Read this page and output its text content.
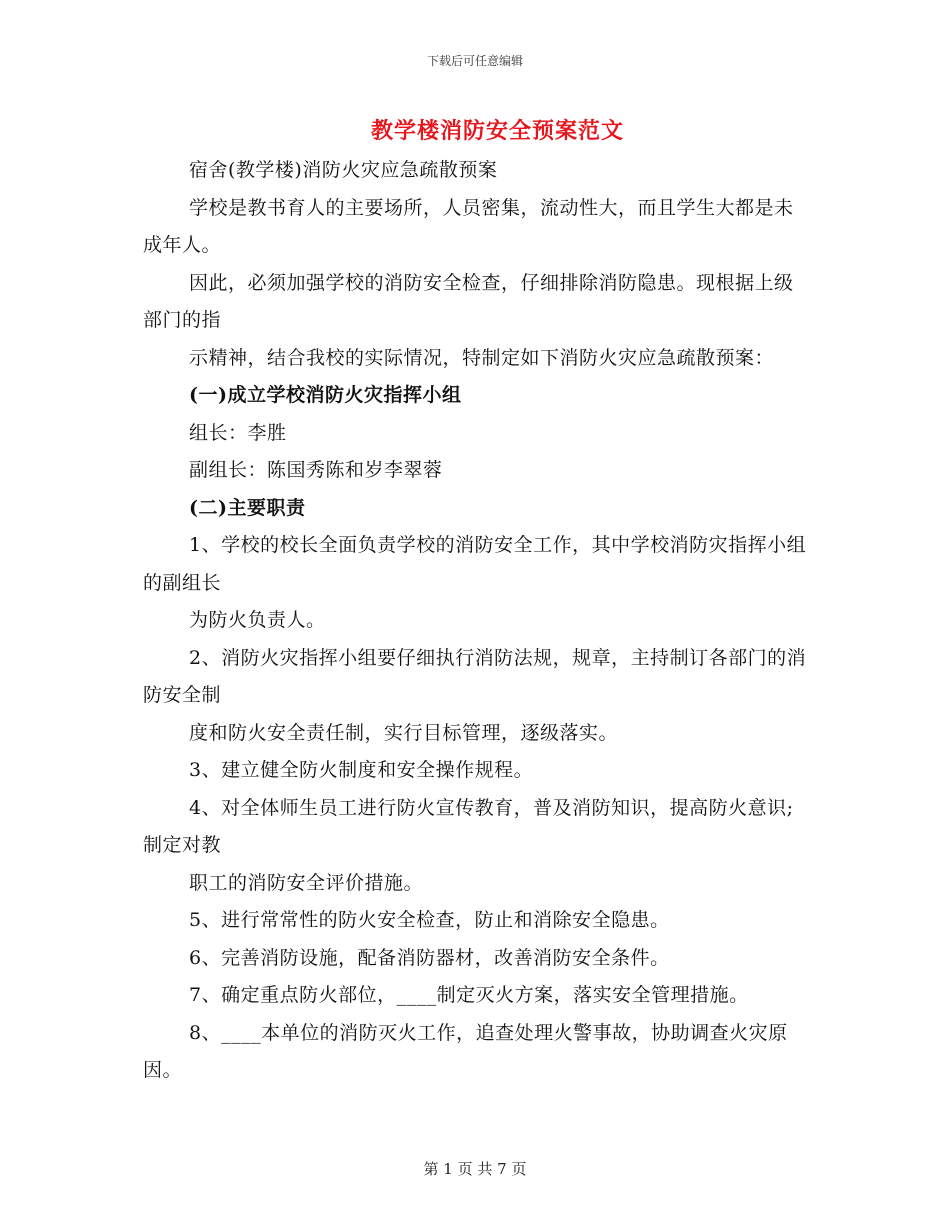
下载后可任意编辑
教学楼消防安全预案范文

宿舍(教学楼)消防火灾应急疏散预案

学校是教书育人的主要场所，人员密集，流动性大，而且学生大都是未成年人。

因此，必须加强学校的消防安全检查，仔细排除消防隐患。现根据上级部门的指

示精神，结合我校的实际情况，特制定如下消防火灾应急疏散预案：

(一)成立学校消防火灾指挥小组

组长：李胜

副组长：陈国秀陈和岁李翠蓉

(二)主要职责

1、学校的校长全面负责学校的消防安全工作，其中学校消防灾指挥小组的副组长

为防火负责人。

2、消防火灾指挥小组要仔细执行消防法规，规章，主持制订各部门的消防安全制

度和防火安全责任制，实行目标管理，逐级落实。

3、建立健全防火制度和安全操作规程。

4、对全体师生员工进行防火宣传教育，普及消防知识，提高防火意识;制定对教

职工的消防安全评价措施。

5、进行常常性的防火安全检查，防止和消除安全隐患。

6、完善消防设施，配备消防器材，改善消防安全条件。

7、确定重点防火部位，____制定灭火方案，落实安全管理措施。

8、____本单位的消防灭火工作，追查处理火警事故，协助调查火灾原因。

第 1 页 共 7 页
